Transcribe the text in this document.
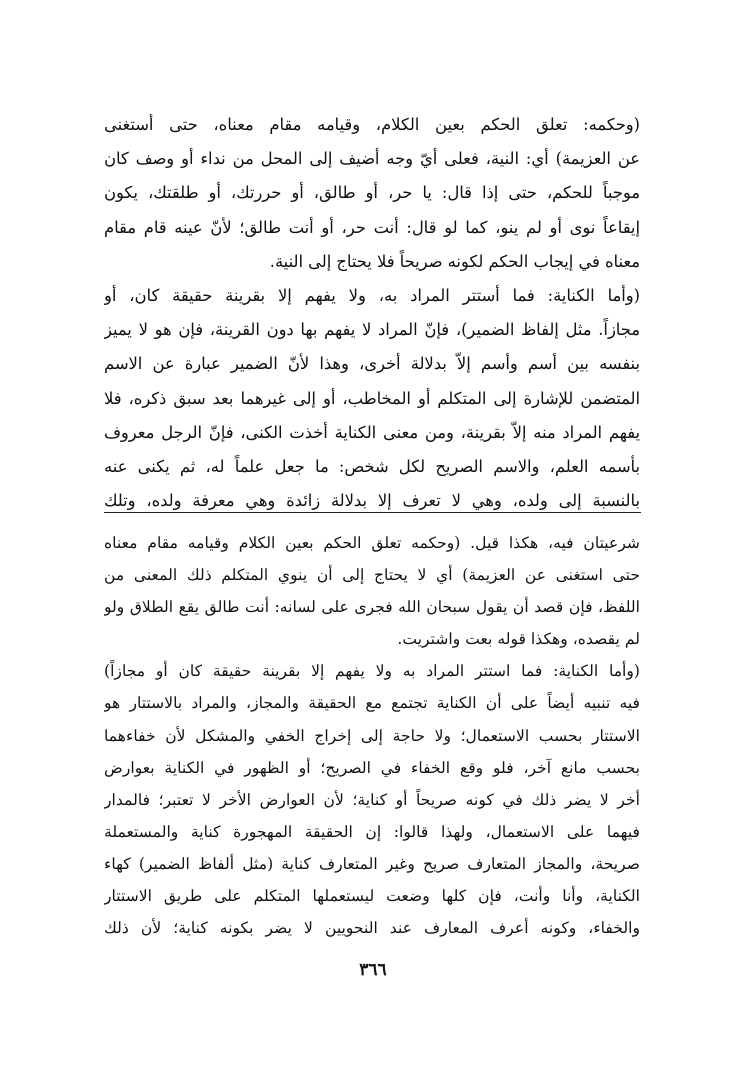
(وحكمه: تعلق الحكم بعين الكلام، وقيامه مقام معناه، حتى أستغنى
عن العزيمة) أي: النية، فعلى أيّ وجه أضيف إلى المحل من نداء أو وصف كان
موجباً للحكم، حتى إذا قال: يا حر، أو طالق، أو حررتك، أو طلقتك، يكون
إيقاعاً نوى أو لم ينو، كما لو قال: أنت حر، أو أنت طالق؛ لأنّ عينه قام مقام
معناه في إيجاب الحكم لكونه صريحاً فلا يحتاج إلى النية.
(وأما الكناية: فما أستتر المراد به، ولا يفهم إلا بقرينة حقيقة كان، أو
مجازاً. مثل إلفاظ الضمير)، فإنّ المراد لا يفهم بها دون القرينة، فإن هو لا يميز
بنفسه بين أسم وأسم إلاّ بدلالة أخرى، وهذا لأنّ الضمير عبارة عن الاسم
المتضمن للإشارة إلى المتكلم أو المخاطب، أو إلى غيرهما بعد سبق ذكره، فلا
يفهم المراد منه إلاّ بقرينة، ومن معنى الكناية أخذت الكنى، فإنّ الرجل معروف
بأسمه العلم، والاسم الصريح لكل شخص: ما جعل علماً له، ثم يكنى عنه
بالنسبة إلى ولده، وهي لا تعرف إلا بدلالة زائدة وهي معرفة ولده، وتلك
شرعيتان فيه، هكذا قيل. (وحكمه تعلق الحكم بعين الكلام وقيامه مقام معناه
حتى استغنى عن العزيمة) أي لا يحتاج إلى أن ينوي المتكلم ذلك المعنى من
اللفظ، فإن قصد أن يقول سبحان الله فجرى على لسانه: أنت طالق يقع الطلاق ولو
لم يقصده، وهكذا قوله بعت واشتريت.
(وأما الكناية: فما استتر المراد به ولا يفهم إلا بقرينة حقيقة كان أو مجازاً)
فيه تنبيه أيضاً على أن الكناية تجتمع مع الحقيقة والمجاز، والمراد بالاستتار هو
الاستتار بحسب الاستعمال؛ ولا حاجة إلى إخراج الخفي والمشكل لأن خفاءهما
بحسب مانع آخر، فلو وقع الخفاء في الصريح؛ أو الظهور في الكناية بعوارض
أخر لا يضر ذلك في كونه صريحاً أو كناية؛ لأن العوارض الأخر لا تعتبر؛ فالمدار
فيهما على الاستعمال، ولهذا قالوا: إن الحقيقة المهجورة كناية والمستعملة
صريحة، والمجاز المتعارف صريح وغير المتعارف كناية (مثل ألفاظ الضمير) كهاء
الكناية، وأنا وأنت، فإن كلها وضعت ليستعملها المتكلم على طريق الاستتار
والخفاء، وكونه أعرف المعارف عند النحويين لا يضر بكونه كناية؛ لأن ذلك
٣٦٦
